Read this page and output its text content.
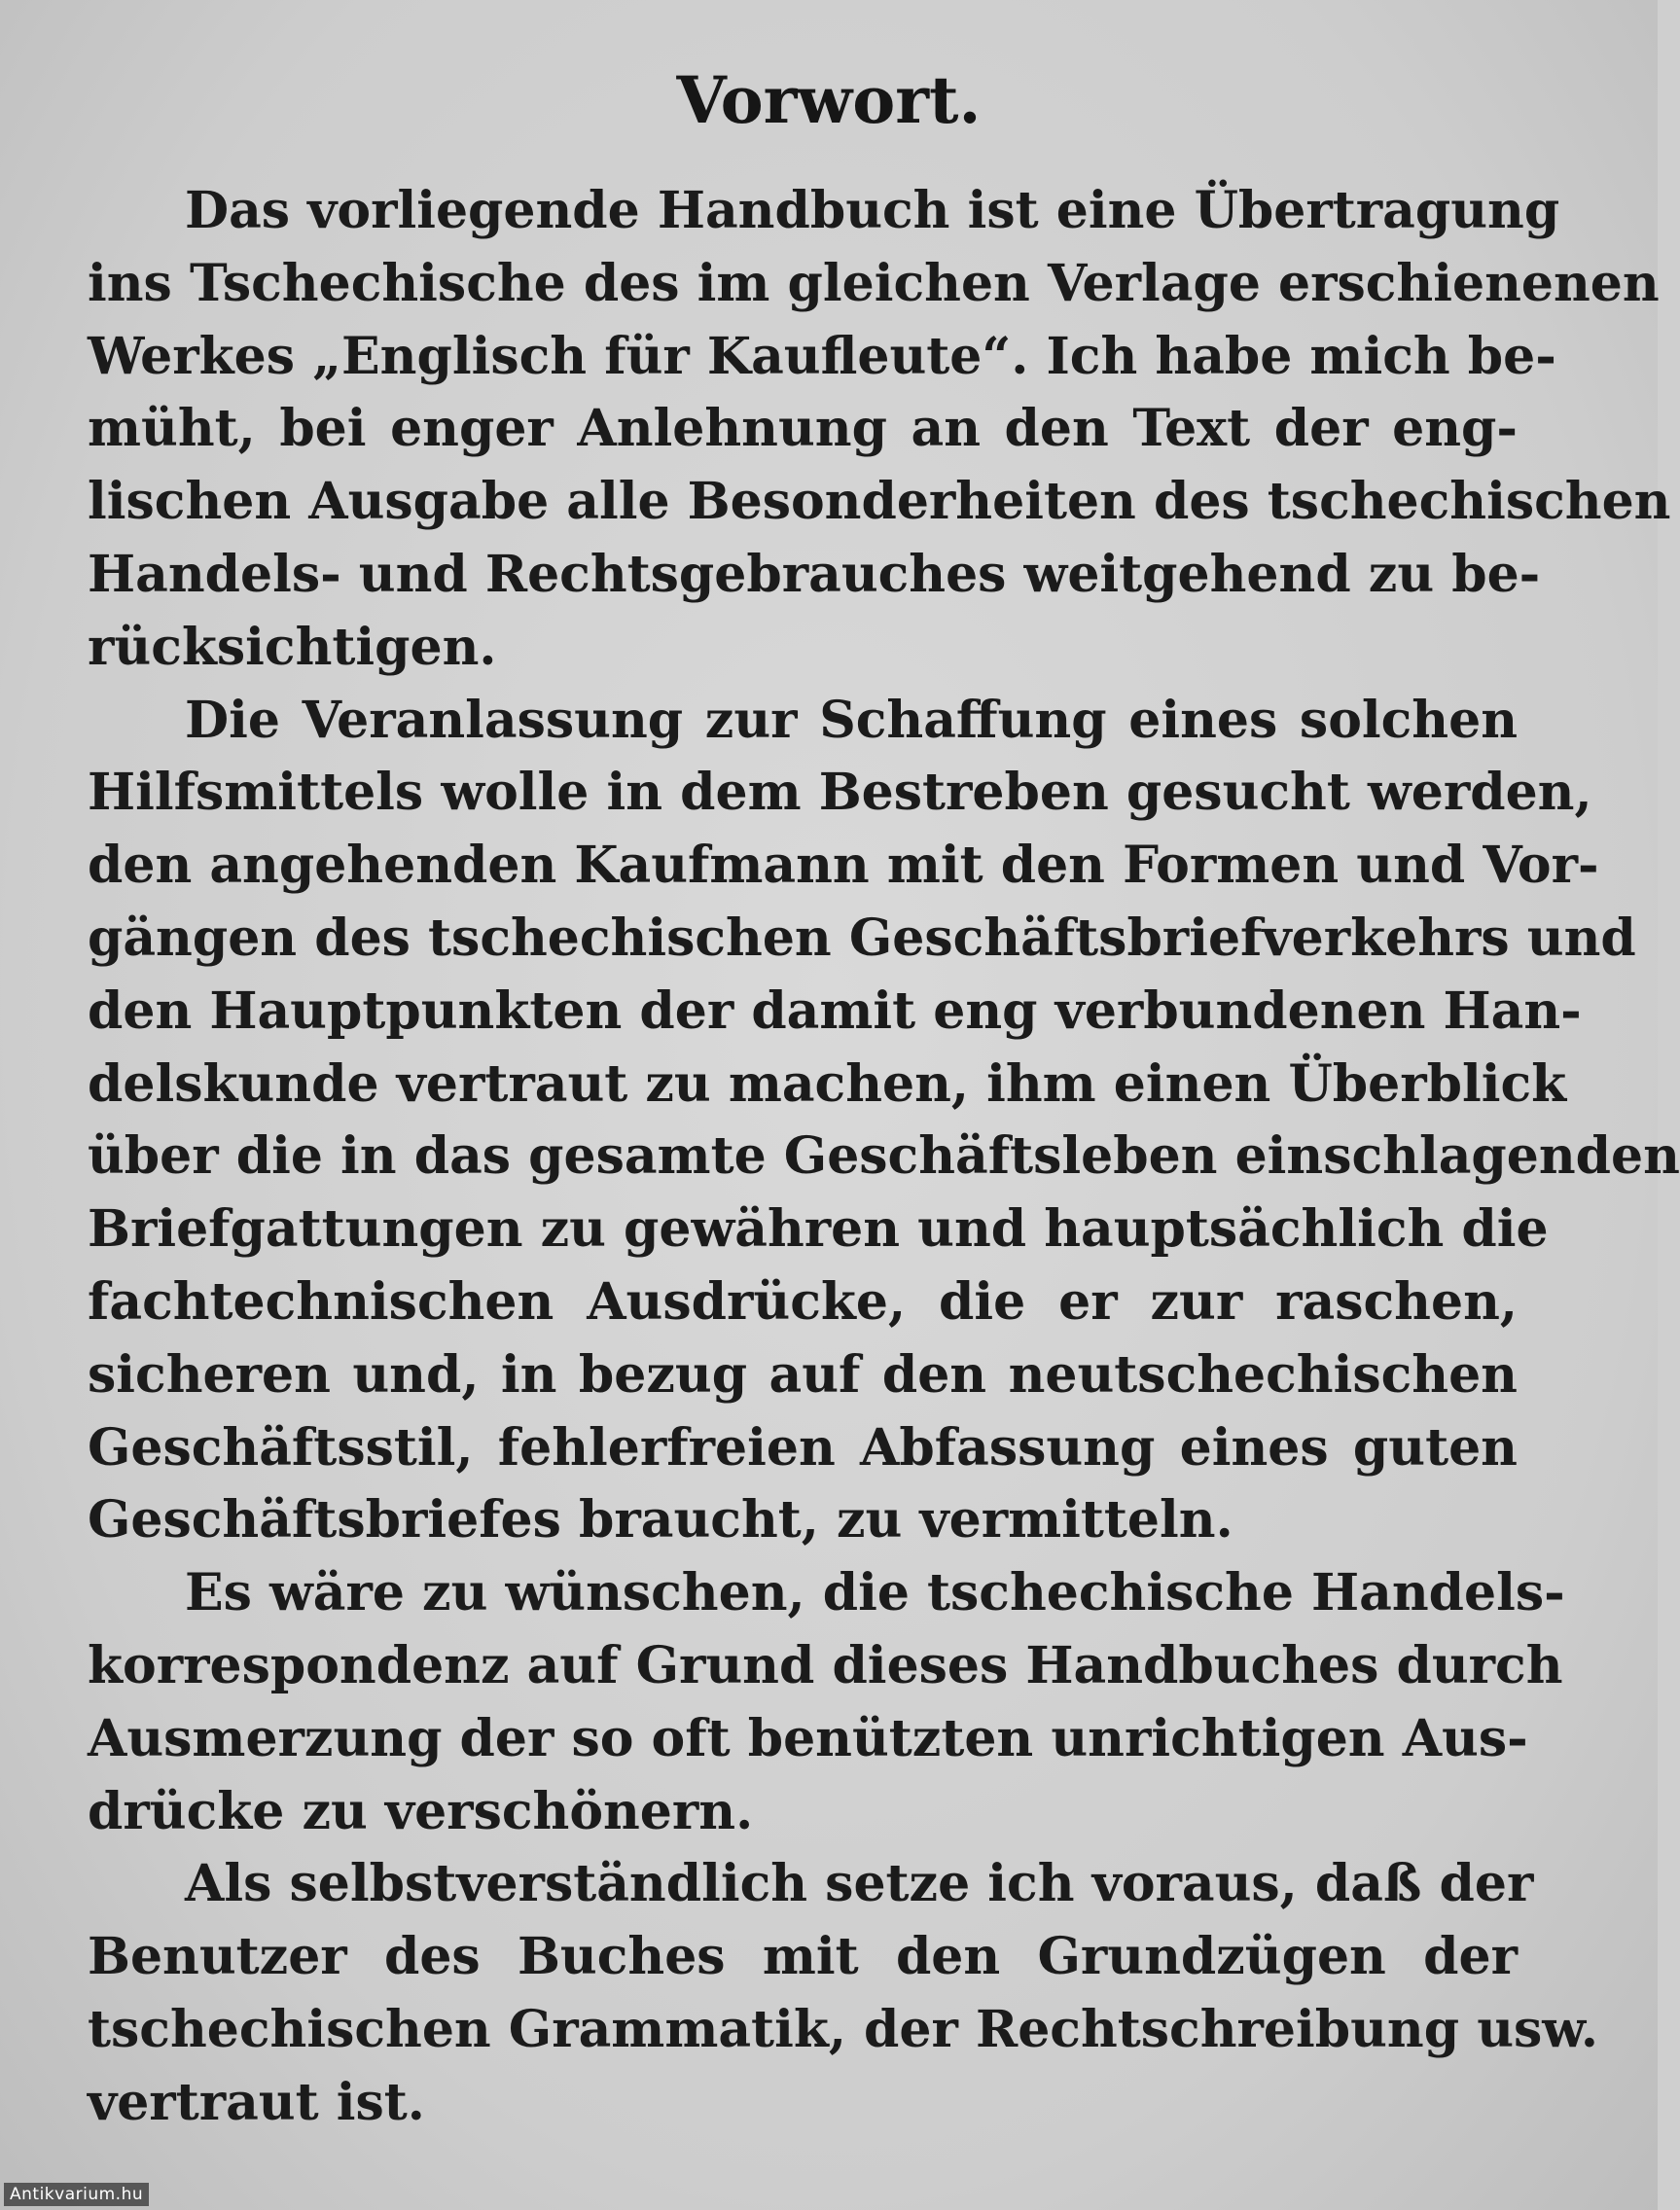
Vorwort.

Das vorliegende Handbuch ist eine Übertragung
ins Tschechische des im gleichen Verlage erschienenen
Werkes „Englisch für Kaufleute“. Ich habe mich be-
müht, bei enger Anlehnung an den Text der eng-
lischen Ausgabe alle Besonderheiten des tschechischen
Handels- und Rechtsgebrauches weitgehend zu be-
rücksichtigen.

Die Veranlassung zur Schaffung eines solchen
Hilfsmittels wolle in dem Bestreben gesucht werden,
den angehenden Kaufmann mit den Formen und Vor-
gängen des tschechischen Geschäftsbriefverkehrs und
den Hauptpunkten der damit eng verbundenen Han-
delskunde vertraut zu machen, ihm einen Überblick
über die in das gesamte Geschäftsleben einschlagenden
Briefgattungen zu gewähren und hauptsächlich die
fachtechnischen Ausdrücke, die er zur raschen,
sicheren und, in bezug auf den neutschechischen
Geschäftsstil, fehlerfreien Abfassung eines guten
Geschäftsbriefes braucht, zu vermitteln.

Es wäre zu wünschen, die tschechische Handels-
korrespondenz auf Grund dieses Handbuches durch
Ausmerzung der so oft benützten unrichtigen Aus-
drücke zu verschönern.

Als selbstverständlich setze ich voraus, daß der
Benutzer des Buches mit den Grundzügen der
tschechischen Grammatik, der Rechtschreibung usw.
vertraut ist.

Antikvarium.hu
